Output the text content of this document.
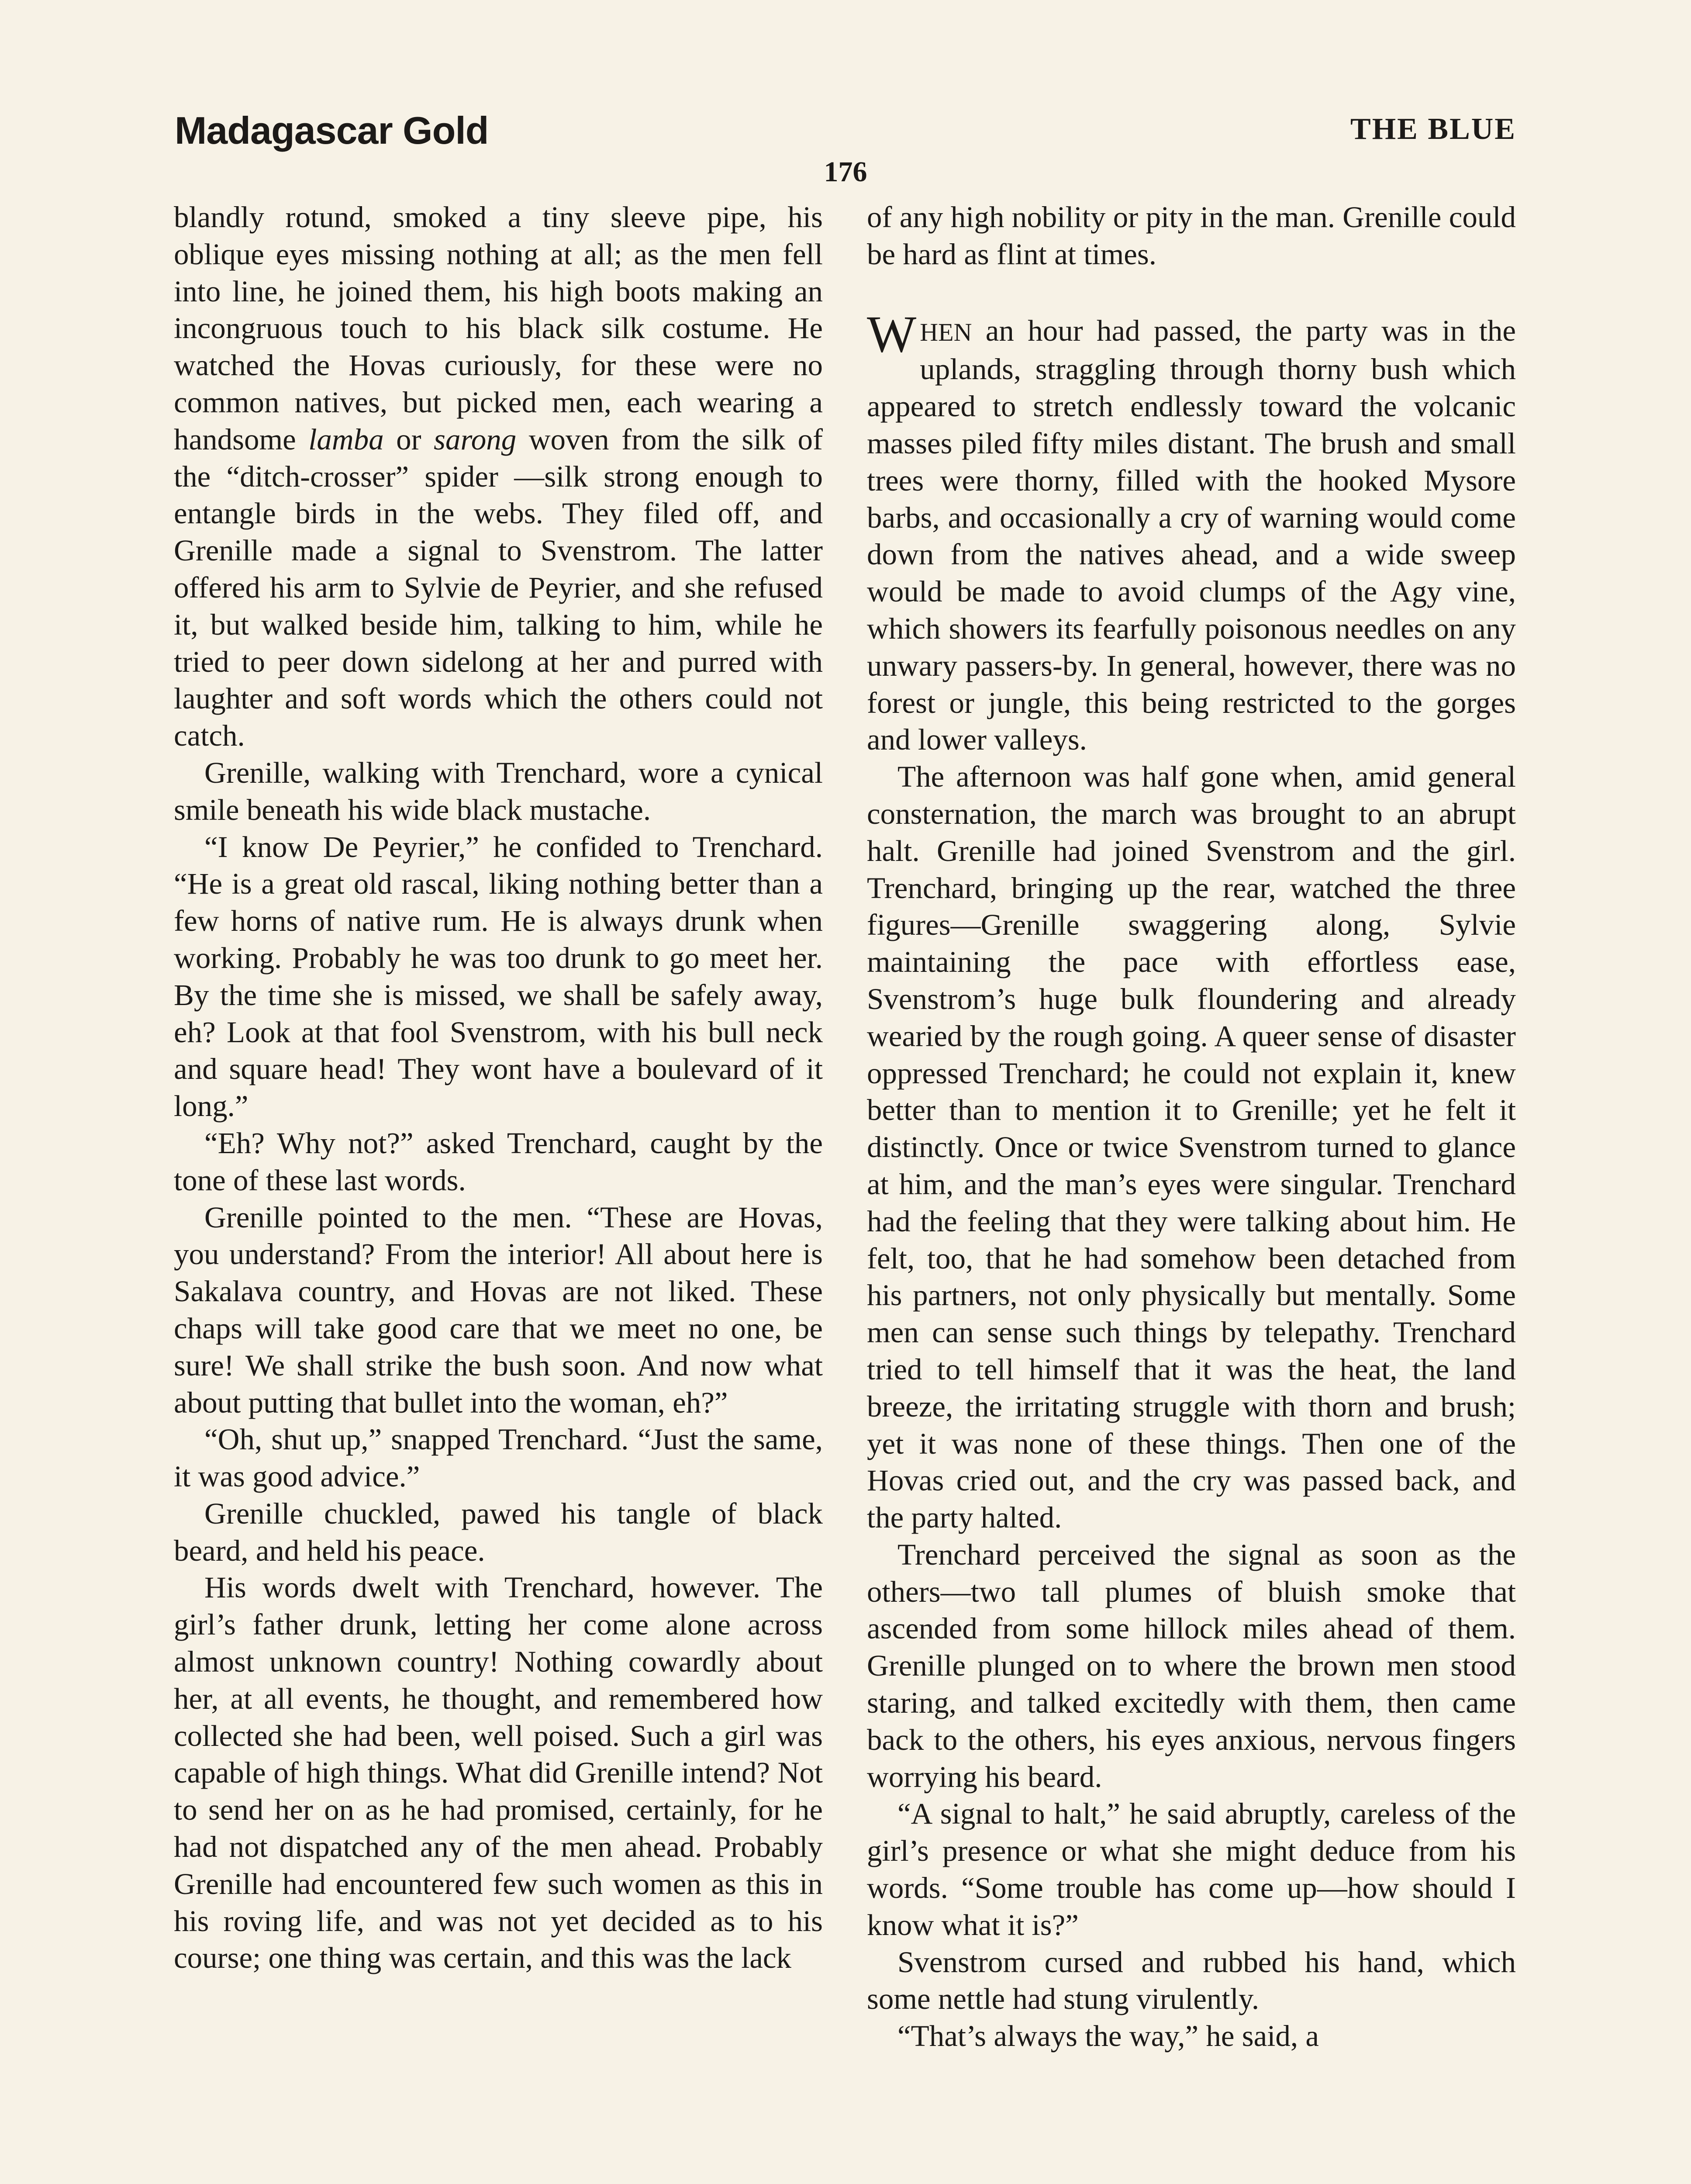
Madagascar Gold	THE BLUE
176

blandly rotund, smoked a tiny sleeve pipe, his oblique eyes missing nothing at all; as the men fell into line, he joined them, his high boots making an incongruous touch to his black silk costume. He watched the Hovas curiously, for these were no common natives, but picked men, each wearing a handsome lamba or sarong woven from the silk of the “ditch-crosser” spider —silk strong enough to entangle birds in the webs. They filed off, and Grenille made a signal to Svenstrom. The latter offered his arm to Sylvie de Peyrier, and she refused it, but walked beside him, talking to him, while he tried to peer down sidelong at her and purred with laughter and soft words which the others could not catch.

Grenille, walking with Trenchard, wore a cynical smile beneath his wide black mustache.

“I know De Peyrier,” he confided to Trenchard. “He is a great old rascal, liking nothing better than a few horns of native rum. He is always drunk when working. Probably he was too drunk to go meet her. By the time she is missed, we shall be safely away, eh? Look at that fool Svenstrom, with his bull neck and square head! They wont have a boulevard of it long.”

“Eh? Why not?” asked Trenchard, caught by the tone of these last words.

Grenille pointed to the men. “These are Hovas, you understand? From the interior! All about here is Sakalava country, and Hovas are not liked. These chaps will take good care that we meet no one, be sure! We shall strike the bush soon. And now what about putting that bullet into the woman, eh?”

“Oh, shut up,” snapped Trenchard. “Just the same, it was good advice.”

Grenille chuckled, pawed his tangle of black beard, and held his peace.

His words dwelt with Trenchard, however. The girl’s father drunk, letting her come alone across almost unknown country! Nothing cowardly about her, at all events, he thought, and remembered how collected she had been, well poised. Such a girl was capable of high things. What did Grenille intend? Not to send her on as he had promised, certainly, for he had not dispatched any of the men ahead. Probably Grenille had encountered few such women as this in his roving life, and was not yet decided as to his course; one thing was certain, and this was the lack

of any high nobility or pity in the man. Grenille could be hard as flint at times.

WHEN an hour had passed, the party was in the uplands, straggling through thorny bush which appeared to stretch endlessly toward the volcanic masses piled fifty miles distant. The brush and small trees were thorny, filled with the hooked Mysore barbs, and occasionally a cry of warning would come down from the natives ahead, and a wide sweep would be made to avoid clumps of the Agy vine, which showers its fearfully poisonous needles on any unwary passers-by. In general, however, there was no forest or jungle, this being restricted to the gorges and lower valleys.

The afternoon was half gone when, amid general consternation, the march was brought to an abrupt halt. Grenille had joined Svenstrom and the girl. Trenchard, bringing up the rear, watched the three figures—Grenille swaggering along, Sylvie maintaining the pace with effortless ease, Svenstrom’s huge bulk floundering and already wearied by the rough going. A queer sense of disaster oppressed Trenchard; he could not explain it, knew better than to mention it to Grenille; yet he felt it distinctly. Once or twice Svenstrom turned to glance at him, and the man’s eyes were singular. Trenchard had the feeling that they were talking about him. He felt, too, that he had somehow been detached from his partners, not only physically but mentally. Some men can sense such things by telepathy. Trenchard tried to tell himself that it was the heat, the land breeze, the irritating struggle with thorn and brush; yet it was none of these things. Then one of the Hovas cried out, and the cry was passed back, and the party halted.

Trenchard perceived the signal as soon as the others—two tall plumes of bluish smoke that ascended from some hillock miles ahead of them. Grenille plunged on to where the brown men stood staring, and talked excitedly with them, then came back to the others, his eyes anxious, nervous fingers worrying his beard.

“A signal to halt,” he said abruptly, careless of the girl’s presence or what she might deduce from his words. “Some trouble has come up—how should I know what it is?”

Svenstrom cursed and rubbed his hand, which some nettle had stung virulently.

“That’s always the way,” he said, a
